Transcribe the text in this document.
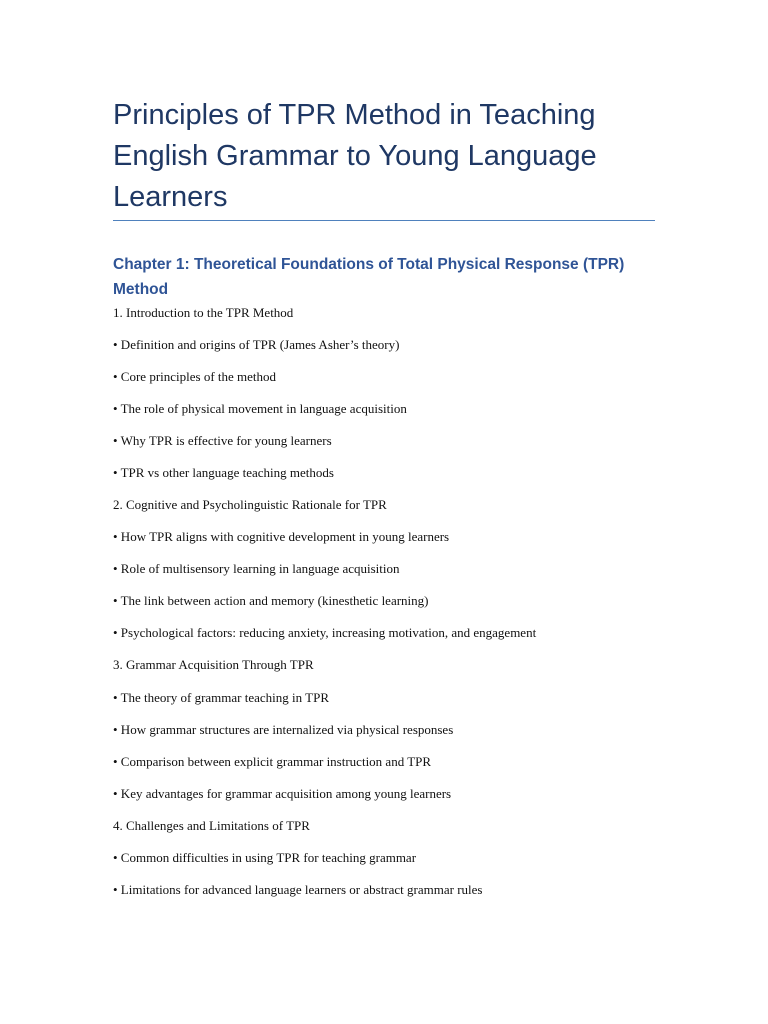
Principles of TPR Method in Teaching English Grammar to Young Language Learners
Chapter 1: Theoretical Foundations of Total Physical Response (TPR) Method

1. Introduction to the TPR Method

• Definition and origins of TPR (James Asher’s theory)
• Core principles of the method
• The role of physical movement in language acquisition
• Why TPR is effective for young learners
• TPR vs other language teaching methods
2. Cognitive and Psycholinguistic Rationale for TPR
• How TPR aligns with cognitive development in young learners
• Role of multisensory learning in language acquisition
• The link between action and memory (kinesthetic learning)
• Psychological factors: reducing anxiety, increasing motivation, and engagement
3. Grammar Acquisition Through TPR
• The theory of grammar teaching in TPR
• How grammar structures are internalized via physical responses
• Comparison between explicit grammar instruction and TPR
• Key advantages for grammar acquisition among young learners
4. Challenges and Limitations of TPR
• Common difficulties in using TPR for teaching grammar
• Limitations for advanced language learners or abstract grammar rules
